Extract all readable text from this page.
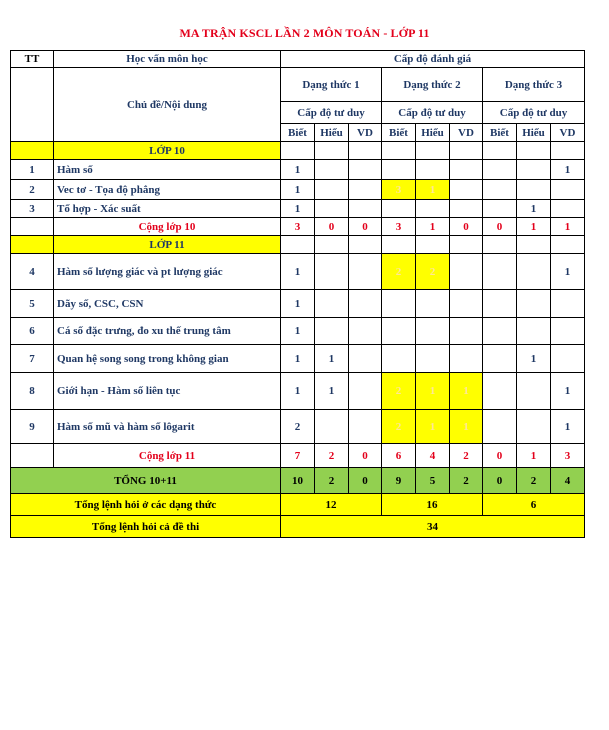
MA TRẬN KSCL LẦN 2 MÔN TOÁN - LỚP 11
TT	Học vấn môn học	Cấp độ đánh giá								
	Chủ đề/Nội dung	Dạng thức 1			Dạng thức 2			Dạng thức 3		
		Cấp độ tư duy			Cấp độ tư duy			Cấp độ tư duy		
		Biết	Hiểu	VD	Biết	Hiểu	VD	Biết	Hiểu	VD
	LỚP 10									
1	Hàm số	1								1
2	Vec tơ - Tọa độ phẳng	1			3	1				
3	Tổ hợp - Xác suất	1							1	
	Cộng lớp 10	3	0	0	3	1	0	0	1	1
	LỚP 11									
4	Hàm số lượng giác và pt lượng giác	1			2	2				1
5	Dãy số, CSC, CSN	1								
6	Cá số đặc trưng, đo xu thế trung tâm	1								
7	Quan hệ song song trong không gian	1	1						1	
8	Giới hạn - Hàm số liên tục	1	1		2	1	1			1
9	Hàm số mũ và hàm số lôgarit	2			2	1	1			1
	Cộng lớp 11	7	2	0	6	4	2	0	1	3
TỔNG 10+11		10	2	0	9	5	2	0	2	4
Tổng lệnh hỏi ở các dạng thức		12			16			6		
Tổng lệnh hỏi cả đề thi		34								
